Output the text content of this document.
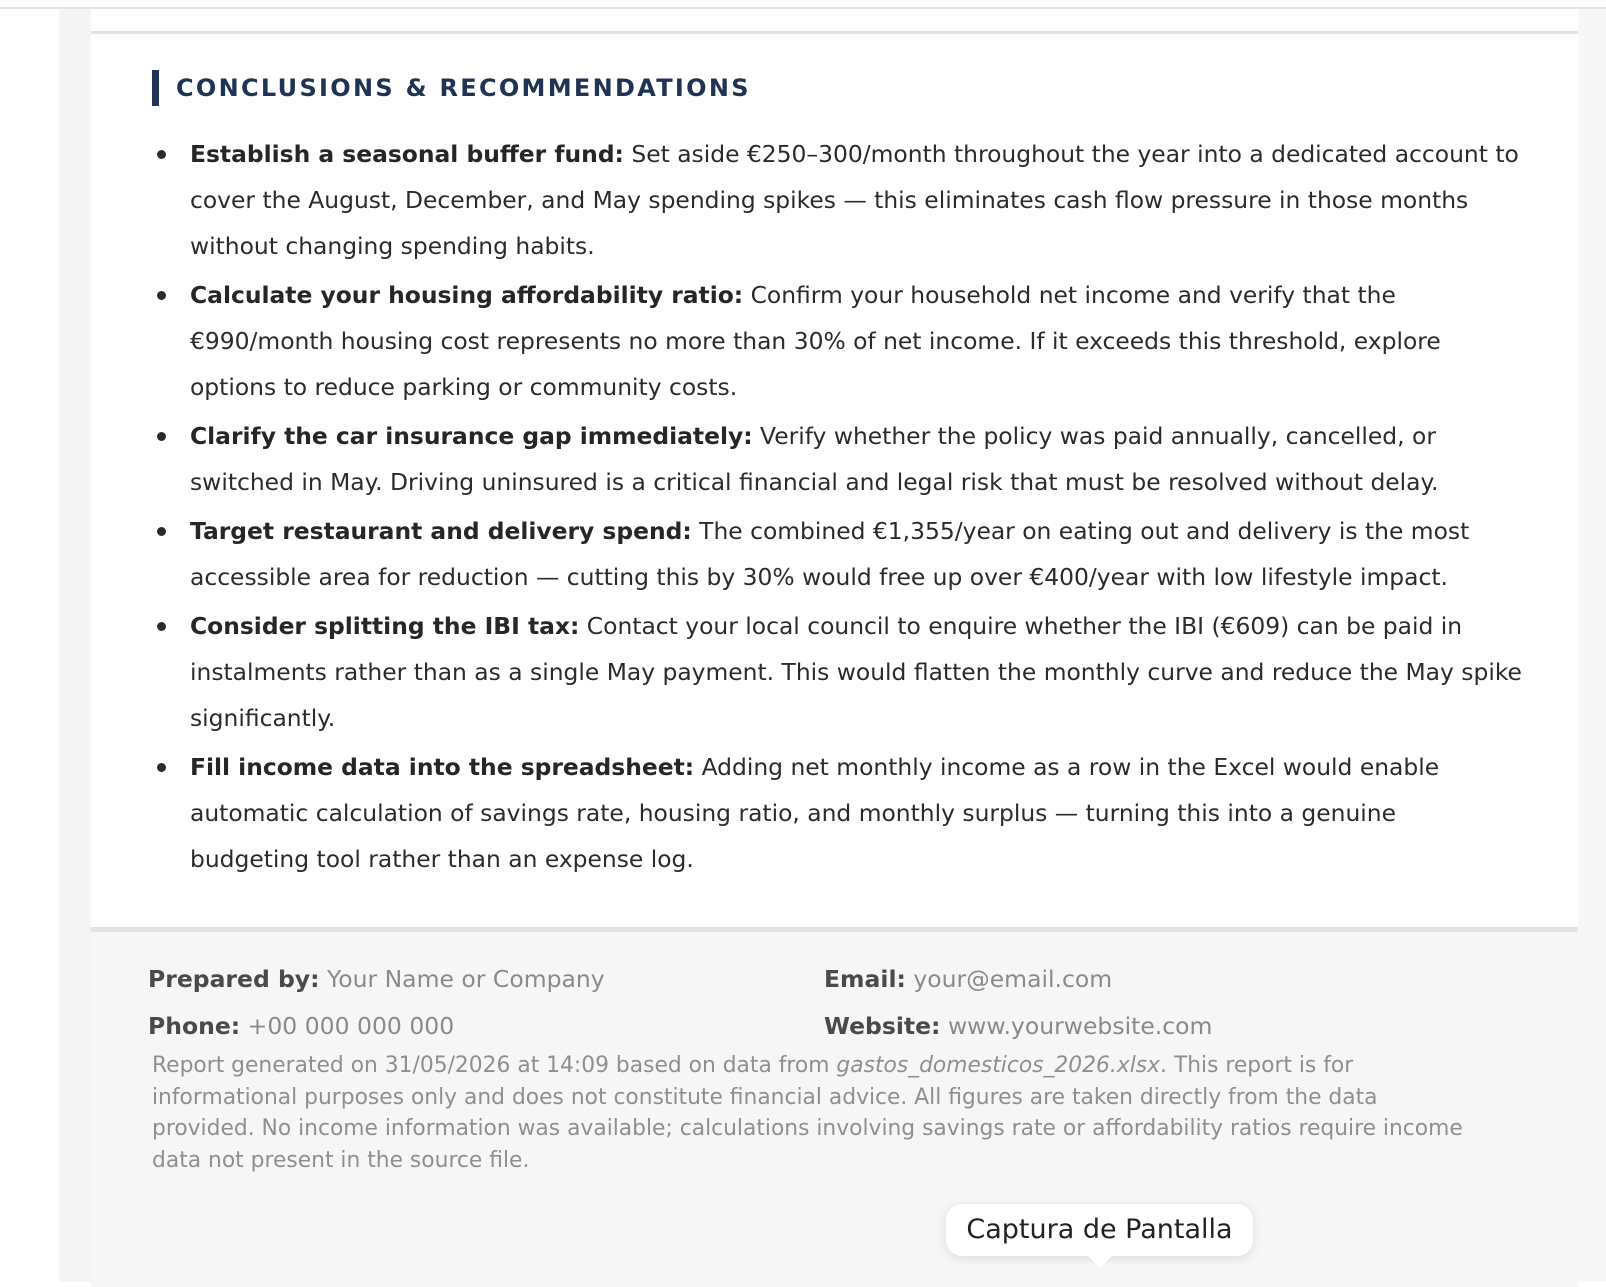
CONCLUSIONS & RECOMMENDATIONS
Establish a seasonal buffer fund: Set aside €250–300/month throughout the year into a dedicated account to cover the August, December, and May spending spikes — this eliminates cash flow pressure in those months without changing spending habits.
Calculate your housing affordability ratio: Confirm your household net income and verify that the €990/month housing cost represents no more than 30% of net income. If it exceeds this threshold, explore options to reduce parking or community costs.
Clarify the car insurance gap immediately: Verify whether the policy was paid annually, cancelled, or switched in May. Driving uninsured is a critical financial and legal risk that must be resolved without delay.
Target restaurant and delivery spend: The combined €1,355/year on eating out and delivery is the most accessible area for reduction — cutting this by 30% would free up over €400/year with low lifestyle impact.
Consider splitting the IBI tax: Contact your local council to enquire whether the IBI (€609) can be paid in instalments rather than as a single May payment. This would flatten the monthly curve and reduce the May spike significantly.
Fill income data into the spreadsheet: Adding net monthly income as a row in the Excel would enable automatic calculation of savings rate, housing ratio, and monthly surplus — turning this into a genuine budgeting tool rather than an expense log.
Prepared by: Your Name or Company	Email: your@email.com
Phone: +00 000 000 000	Website: www.yourwebsite.com
Report generated on 31/05/2026 at 14:09 based on data from gastos_domesticos_2026.xlsx. This report is for informational purposes only and does not constitute financial advice. All figures are taken directly from the data provided. No income information was available; calculations involving savings rate or affordability ratios require income data not present in the source file.
Captura de Pantalla
